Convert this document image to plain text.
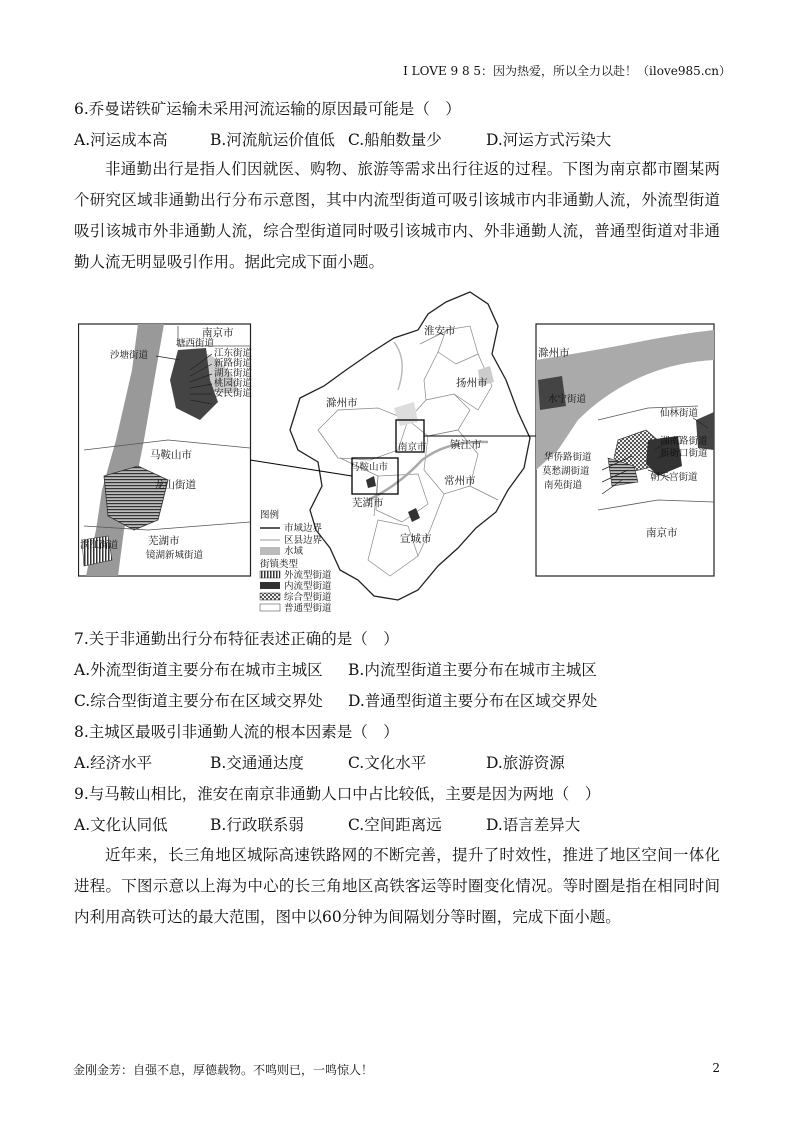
I LOVE 9 8 5：因为热爱，所以全力以赴！（ilove985.cn）
6.乔曼诺铁矿运输未采用河流运输的原因最可能是（　）
A.河运成本高	B.河流航运价值低 C.船舶数量少	D.河运方式污染大
非通勤出行是指人们因就医、购物、旅游等需求出行往返的过程。下图为南京都市圈某两个研究区域非通勤出行分布示意图，其中内流型街道可吸引该城市内非通勤人流，外流型街道吸引该城市外非通勤人流，综合型街道同时吸引该城市内、外非通勤人流，普通型街道对非通勤人流无明显吸引作用。据此完成下面小题。
南京市
塘西街道
江东街道
新路街道
湖东街道
桃园街道
安民街道
沙塘街道
马鞍山市
龙山街道
滨江街道	芜湖市
镜湖新城街道
淮安市
扬州市
滁州市
南京市 镇江市
马鞍山市
常州市
芜湖市
宣城市
图例
市域边界
区县边界
水域
街镇类型
外流型街道
内流型街道
综合型街道
普通型街道
滁州市
水宁街道
仙林街道
华侨路街道
湖南路街道
新街口街道
莫愁湖街道
朝天宫街道
南苑街道
南京市
7.关于非通勤出行分布特征表述正确的是（　）
A.外流型街道主要分布在城市主城区 B.内流型街道主要分布在城市主城区
C.综合型街道主要分布在区域交界处 D.普通型街道主要分布在区域交界处
8.主城区最吸引非通勤人流的根本因素是（　）
A.经济水平	B.交通通达度	C.文化水平	D.旅游资源
9.与马鞍山相比，淮安在南京非通勤人口中占比较低，主要是因为两地（　）
A.文化认同低	B.行政联系弱	C.空间距离远	D.语言差异大
近年来，长三角地区城际高速铁路网的不断完善，提升了时效性，推进了地区空间一体化进程。下图示意以上海为中心的长三角地区高铁客运等时圈变化情况。等时圈是指在相同时间内利用高铁可达的最大范围，图中以60分钟为间隔划分等时圈，完成下面小题。
金刚金芳：自强不息，厚德载物。不鸣则已，一鸣惊人！	2
